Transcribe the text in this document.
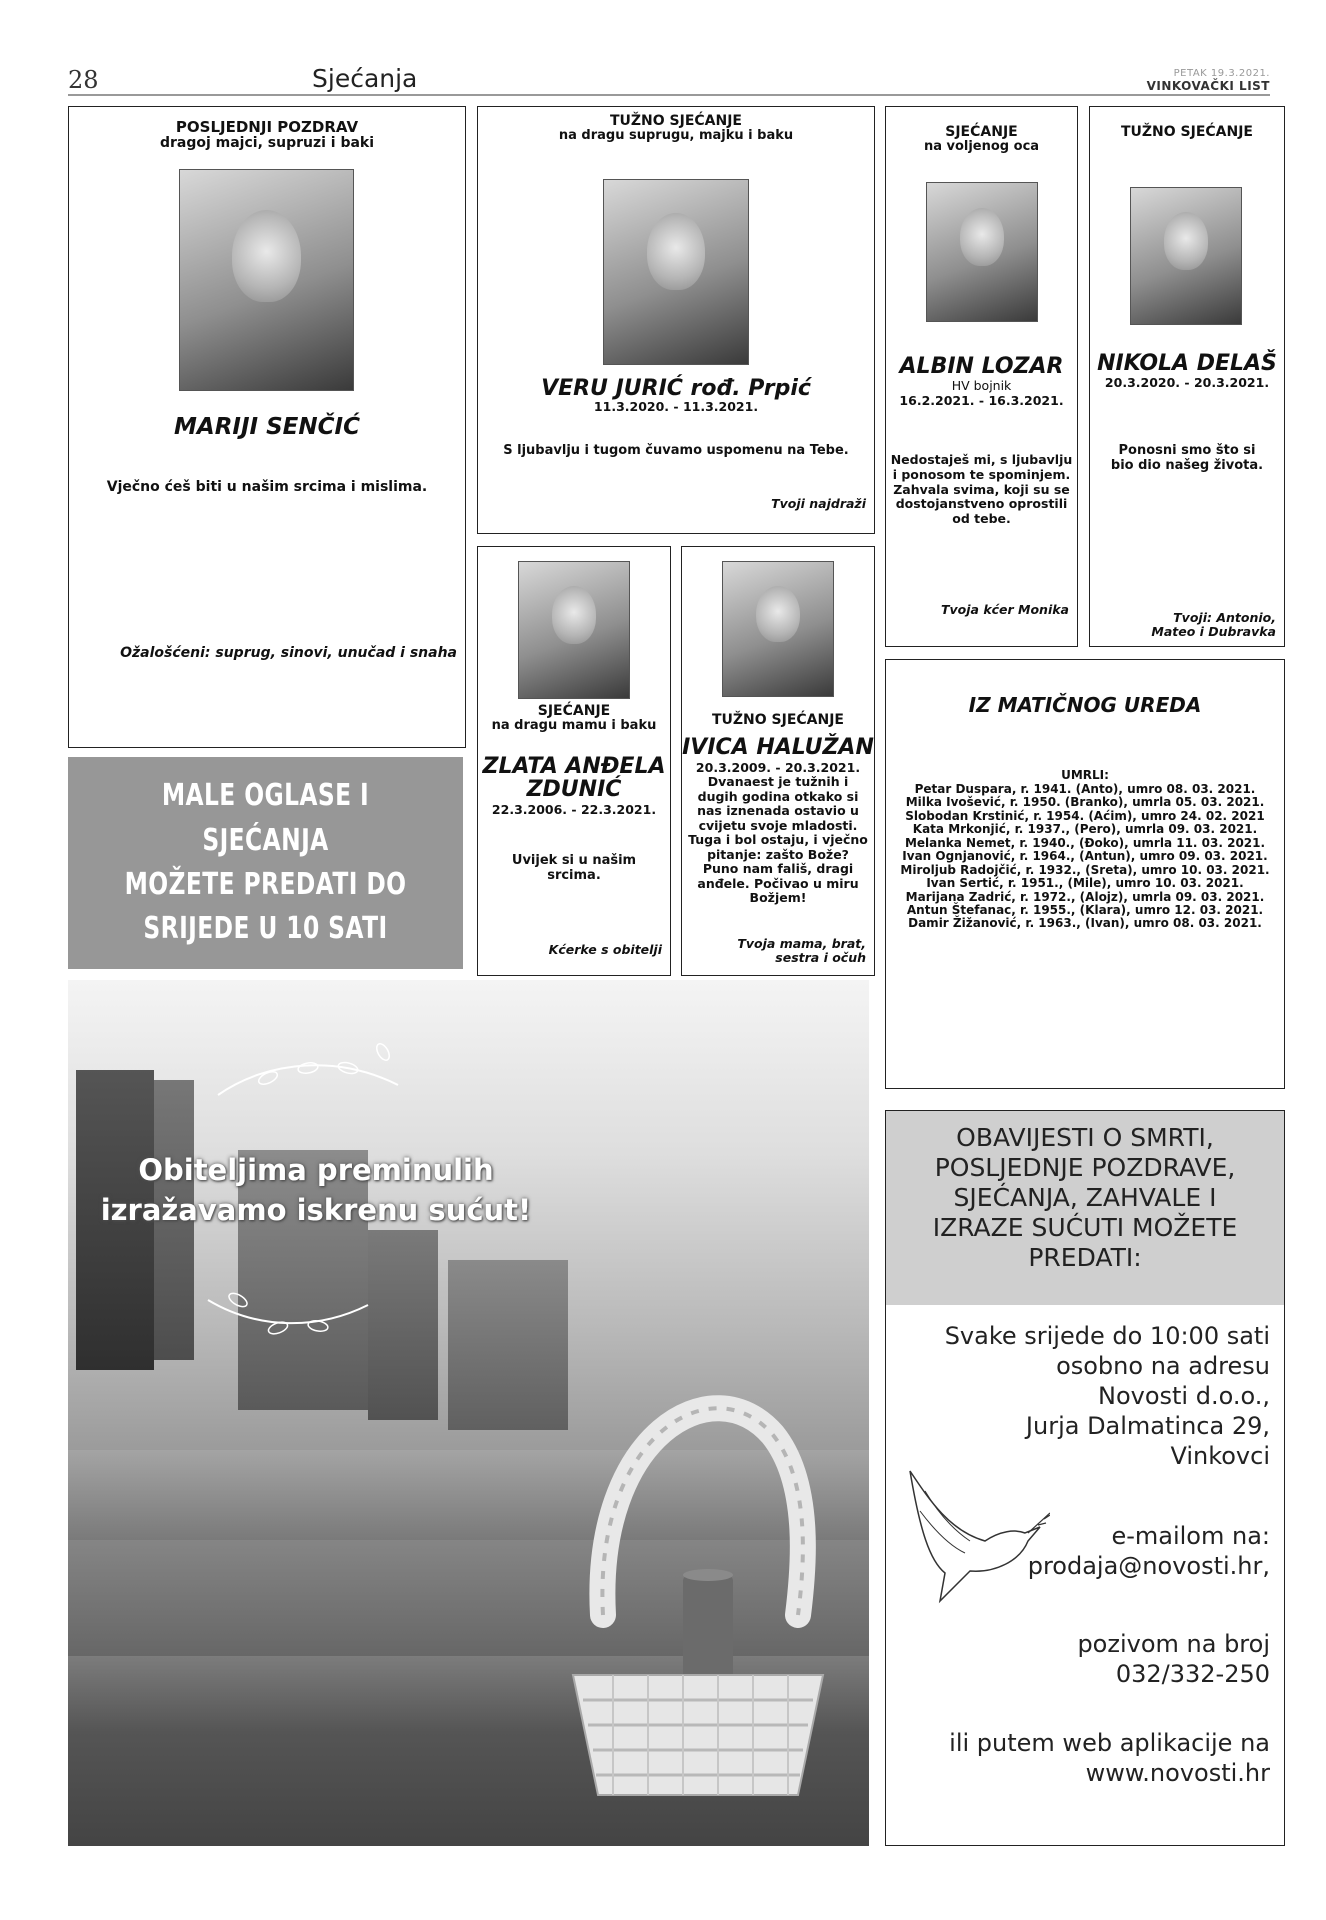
28	Sjećanja	PETAK 19.3.2021.
VINKOVAČKI LIST
POSLJEDNJI POZDRAV
dragoj majci, supruzi i baki
MARIJI SENČIĆ
Vječno ćeš biti u našim srcima i mislima.
Ožalošćeni: suprug, sinovi, unučad i snaha
TUŽNO SJEĆANJE
na dragu suprugu, majku i baku
VERU JURIĆ rođ. Prpić
11.3.2020. - 11.3.2021.
S ljubavlju i tugom čuvamo uspomenu na Tebe.
Tvoji najdraži
SJEĆANJE
na voljenog oca
ALBIN LOZAR
HV bojnik
16.2.2021. - 16.3.2021.
Nedostaješ mi, s ljubavlju i ponosom te spominjem. Zahvala svima, koji su se dostojanstveno oprostili od tebe.
Tvoja kćer Monika
TUŽNO SJEĆANJE
NIKOLA DELAŠ
20.3.2020. - 20.3.2021.
Ponosni smo što si bio dio našeg života.
Tvoji: Antonio,
Mateo i Dubravka
SJEĆANJE
na dragu mamu i baku
ZLATA ANĐELA
ZDUNIĆ
22.3.2006. - 22.3.2021.
Uvijek si u našim srcima.
Kćerke s obitelji
TUŽNO SJEĆANJE
IVICA HALUŽAN
20.3.2009. - 20.3.2021.
Dvanaest je tužnih i dugih godina otkako si nas iznenada ostavio u cvijetu svoje mladosti. Tuga i bol ostaju, i vječno pitanje: zašto Bože? Puno nam fališ, dragi anđele. Počivao u miru Božjem!
Tvoja mama, brat,
sestra i očuh
MALE OGLASE I SJEĆANJA
MOŽETE PREDATI DO
SRIJEDE U 10 SATI
IZ MATIČNOG UREDA
UMRLI:
Petar Duspara, r. 1941. (Anto), umro 08. 03. 2021.
Milka Ivošević, r. 1950. (Branko), umrla 05. 03. 2021.
Slobodan Krstinić, r. 1954. (Aćim), umro 24. 02. 2021
Kata Mrkonjić, r. 1937., (Pero), umrla 09. 03. 2021.
Melanka Nemet, r. 1940., (Đoko), umrla 11. 03. 2021.
Ivan Ognjanović, r. 1964., (Antun), umro 09. 03. 2021.
Miroljub Radojčić, r. 1932., (Sreta), umro 10. 03. 2021.
Ivan Sertić, r. 1951., (Mile), umro 10. 03. 2021.
Marijana Zadrić, r. 1972., (Alojz), umrla 09. 03. 2021.
Antun Štefanac, r. 1955., (Klara), umro 12. 03. 2021.
Damir Žižanović, r. 1963., (Ivan), umro 08. 03. 2021.
Obiteljima preminulih
izražavamo iskrenu sućut!
OBAVIJESTI O SMRTI,
POSLJEDNJE POZDRAVE,
SJEĆANJA, ZAHVALE I
IZRAZE SUĆUTI MOŽETE
PREDATI:
Svake srijede do 10:00 sati
osobno na adresu
Novosti d.o.o.,
Jurja Dalmatinca 29,
Vinkovci
e-mailom na:
prodaja@novosti.hr,
pozivom na broj
032/332-250
ili putem web aplikacije na
www.novosti.hr
